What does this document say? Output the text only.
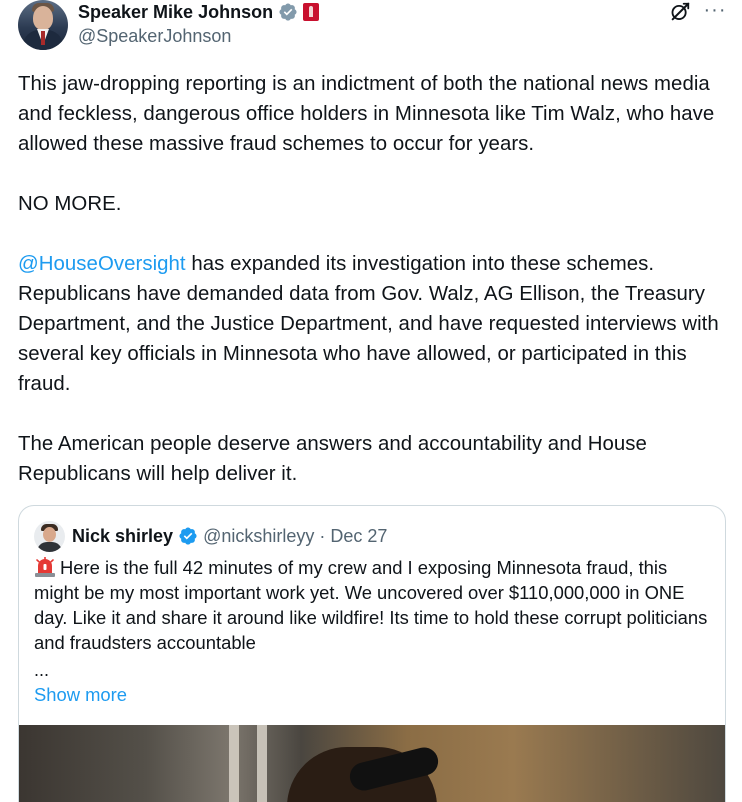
Speaker Mike Johnson
@SpeakerJohnson
···

This jaw-dropping reporting is an indictment of both the national news media and feckless, dangerous office holders in Minnesota like Tim Walz, who have allowed these massive fraud schemes to occur for years.

NO MORE.

@HouseOversight has expanded its investigation into these schemes. Republicans have demanded data from Gov. Walz, AG Ellison, the Treasury Department, and the Justice Department, and have requested interviews with several key officials in Minnesota who have allowed, or participated in this fraud.

The American people deserve answers and accountability and House Republicans will help deliver it.

Nick shirley @nickshirleyy · Dec 27
Here is the full 42 minutes of my crew and I exposing Minnesota fraud, this might be my most important work yet. We uncovered over $110,000,000 in ONE day. Like it and share it around like wildfire! Its time to hold these corrupt politicians and fraudsters accountable
...
Show more
